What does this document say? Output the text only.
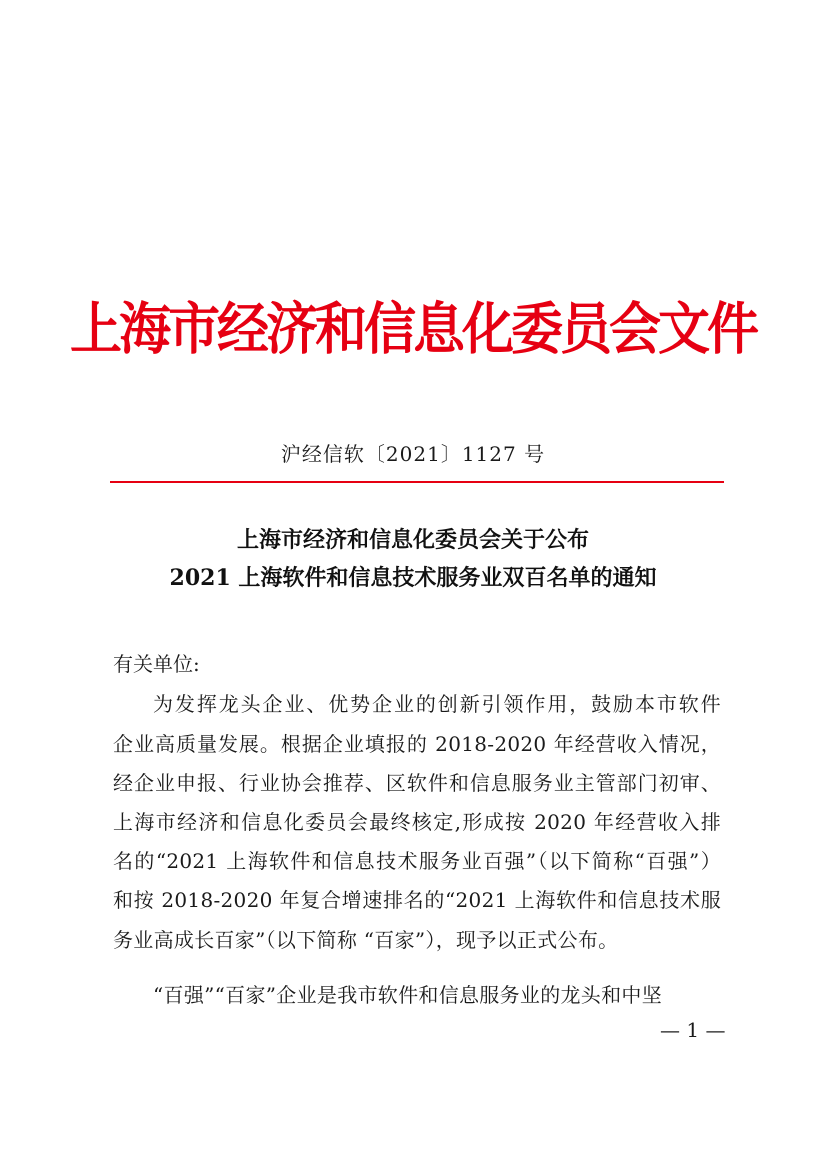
上海市经济和信息化委员会文件
沪经信软〔2021〕1127 号
上海市经济和信息化委员会关于公布
2021 上海软件和信息技术服务业双百名单的通知
有关单位:
为发挥龙头企业、优势企业的创新引领作用，鼓励本市软件
企业高质量发展。根据企业填报的 2018-2020 年经营收入情况，
经企业申报、行业协会推荐、区软件和信息服务业主管部门初审、
上海市经济和信息化委员会最终核定,形成按 2020 年经营收入排
名的“2021 上海软件和信息技术服务业百强”（以下简称“百强”）
和按 2018-2020 年复合增速排名的“2021 上海软件和信息技术服
务业高成长百家”（以下简称 “百家”），现予以正式公布。
“百强”“百家”企业是我市软件和信息服务业的龙头和中坚
— 1 —
